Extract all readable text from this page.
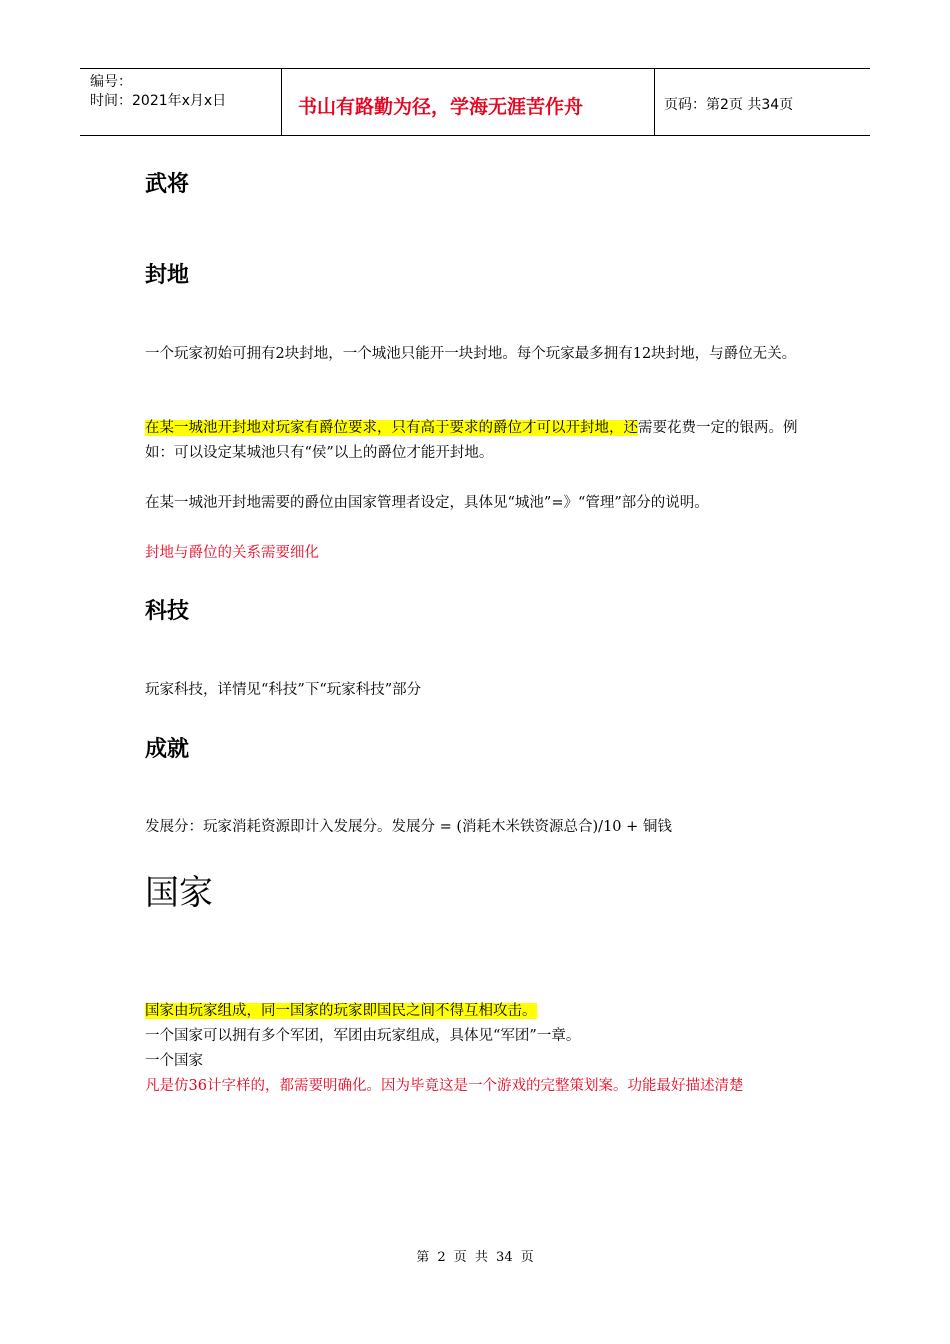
编号：
时间：2021年x月x日	书山有路勤为径，学海无涯苦作舟	页码：第2页 共34页
武将
封地

一个玩家初始可拥有2块封地，一个城池只能开一块封地。每个玩家最多拥有12块封地，与爵位无关。

在某一城池开封地对玩家有爵位要求，只有高于要求的爵位才可以开封地，还需要花费一定的银两。例如：可以设定某城池只有“侯”以上的爵位才能开封地。

在某一城池开封地需要的爵位由国家管理者设定，具体见“城池”=》“管理”部分的说明。

封地与爵位的关系需要细化

科技

玩家科技，详情见“科技”下“玩家科技”部分

成就

发展分：玩家消耗资源即计入发展分。发展分 = (消耗木米铁资源总合)/10 + 铜钱

国家

国家由玩家组成，同一国家的玩家即国民之间不得互相攻击。

一个国家可以拥有多个军团，军团由玩家组成，具体见“军团”一章。

一个国家

凡是仿36计字样的，都需要明确化。因为毕竟这是一个游戏的完整策划案。功能最好描述清楚

第 2 页 共 34 页
